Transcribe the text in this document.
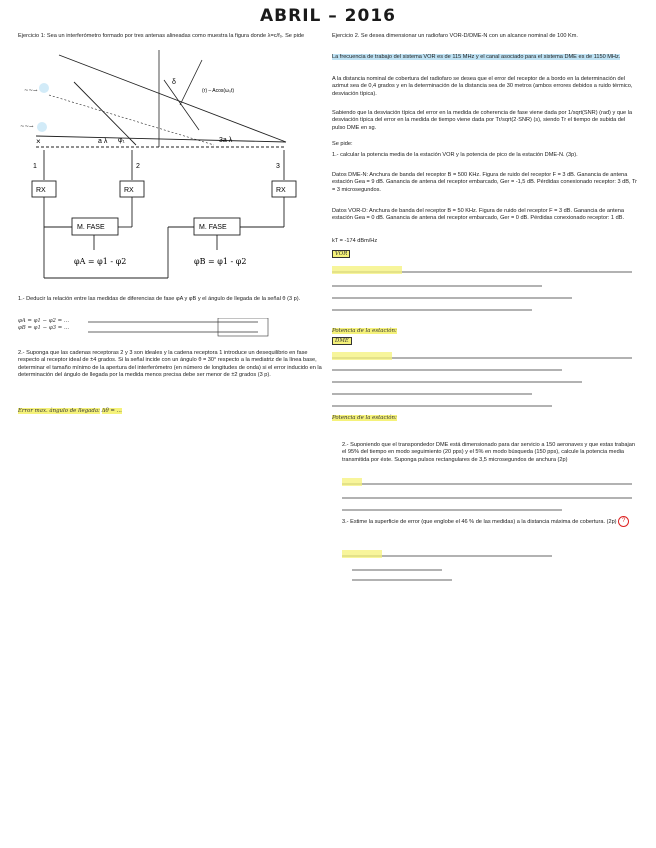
ABRIL – 2016
Ejercicio 1: Sea un interferómetro formado por tres antenas alineadas como muestra la figura donde λ=c/f₀. Se pide
~~→
~~→
a λ φ₁	3a λ
δ
(r) – Acos(ω₀t)
×
1	2	3
RX	RX	RX
M. FASE	M. FASE
φA = φ1 - φ2	φB = φ1 - φ2
1.- Deducir la relación entre las medidas de diferencias de fase φA y φB y el ángulo de llegada de la señal θ (3 p).
φA = φ1 − φ2 = ...
φB = φ1 − φ3 = ...
2.- Suponga que las cadenas receptoras 2 y 3 son ideales y la cadena receptora 1 introduce un desequilibrio en fase respecto al receptor ideal de ±4 grados. Si la señal incide con un ángulo θ = 30° respecto a la mediatriz de la línea base, determinar el tamaño mínimo de la apertura del interferómetro (en número de longitudes de onda) si el error inducido en la determinación del ángulo de llegada por la medida menos precisa debe ser menor de ±2 grados (3 p).
Error max. ángulo de llegada: Δθ = ...
Ejercicio 2. Se desea dimensionar un radiofaro VOR-D/DME-N con un alcance nominal de 100 Km.
La frecuencia de trabajo del sistema VOR es de 115 MHz y el canal asociado para el sistema DME es de 1150 MHz.
A la distancia nominal de cobertura del radiofaro se desea que el error del receptor de a bordo en la determinación del azimut sea de 0,4 grados y en la determinación de la distancia sea de 30 metros (ambos errores debidos a ruido térmico, desviación típica).
Sabiendo que la desviación típica del error en la medida de coherencia de fase viene dada por 1/sqrt(SNR) (rad) y que la desviación típica del error en la medida de tiempo viene dada por Tr/sqrt(2·SNR) (s), siendo Tr el tiempo de subida del pulso DME en sg.
Se pide:
1.- calcular la potencia media de la estación VOR y la potencia de pico de la estación DME-N. (3p).
Datos DME-N: Anchura de banda del receptor B = 500 KHz. Figura de ruido del receptor F = 3 dB. Ganancia de antena estación Gea = 9 dB. Ganancia de antena del receptor embarcado, Ger = -1,5 dB. Pérdidas conexionado receptor: 3 dB, Tr = 3 microsegundos.
Datos VOR-D: Anchura de banda del receptor B = 50 KHz. Figura de ruido del receptor F = 3 dB. Ganancia de antena estación Gea = 0 dB. Ganancia de antena del receptor embarcado, Ger = 0 dB. Pérdidas conexionado receptor: 1 dB.
kT = -174 dBm/Hz
VOR
Potencia de la estación:
DME
Potencia de la estación:
2.- Suponiendo que el transpondedor DME está dimensionado para dar servicio a 150 aeronaves y que estas trabajan el 95% del tiempo en modo seguimiento (20 pps) y el 5% en modo búsqueda (150 pps), calcule la potencia media transmitida por éste. Suponga pulsos rectangulares de 3,5 microsegundos de anchura (2p)
3.- Estime la superficie de error (que englobe el 46 % de las medidas) a la distancia máxima de cobertura. (2p) ?
